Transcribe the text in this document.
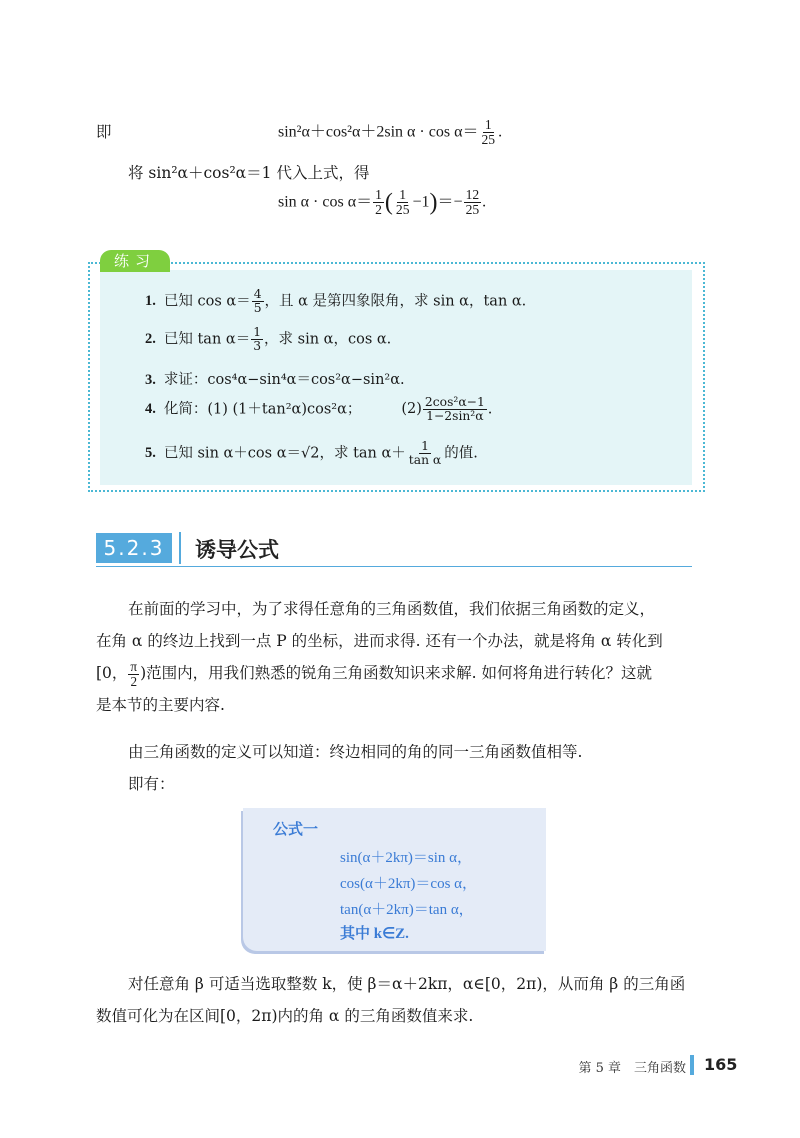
即	sin²α＋cos²α＋2sin $\alpha \cdot \cos \alpha= \frac{1}{25}$ .
将 sin²α＋cos²α＝1 代入上式，得
$\sin \alpha \cdot \cos \alpha= \frac{1}{2}$ ( $\frac{1}{25} -1)=- \frac{12}{25}$ .
练习
1. 已知 $\cos \alpha= \frac{4}{5}$ ，且 α 是第四象限角，求 sin α，tan α.
2. 已知 $\tan \alpha= \frac{1}{3}$ ，求 sin α，cos α.
3. 求证：cos⁴α−sin⁴α＝cos²α−sin²α.
4. 化简：(1) (1＋tan²α)cos²α；	$(2) \frac{\text{2cos²α−1}}{\text{1−2sin²α}}$ .
5. 已知 sin α＋cos α＝√2，求 $\tan \alpha+ \frac{1}{\text{tan α}}$ 的值.
5.2.3	诱导公式
在前面的学习中，为了求得任意角的三角函数值，我们依据三角函数的定义，
在角 α 的终边上找到一点 P 的坐标，进而求得. 还有一个办法，就是将角 α 转化到
[0， $\frac{\pi}{2}$ )范围内，用我们熟悉的锐角三角函数知识来求解. 如何将角进行转化？这就
是本节的主要内容.
由三角函数的定义可以知道：终边相同的角的同一三角函数值相等.
即有：
公式一
sin(α＋2kπ)＝sin α，
cos(α＋2kπ)＝cos α，
tan(α＋2kπ)＝tan α，
其中 k∈Z.
对任意角 β 可适当选取整数 k，使 β＝α＋2kπ，α∈[0，2π)，从而角 β 的三角函
数值可化为在区间[0，2π)内的角 α 的三角函数值来求.
第 5 章　三角函数 165
